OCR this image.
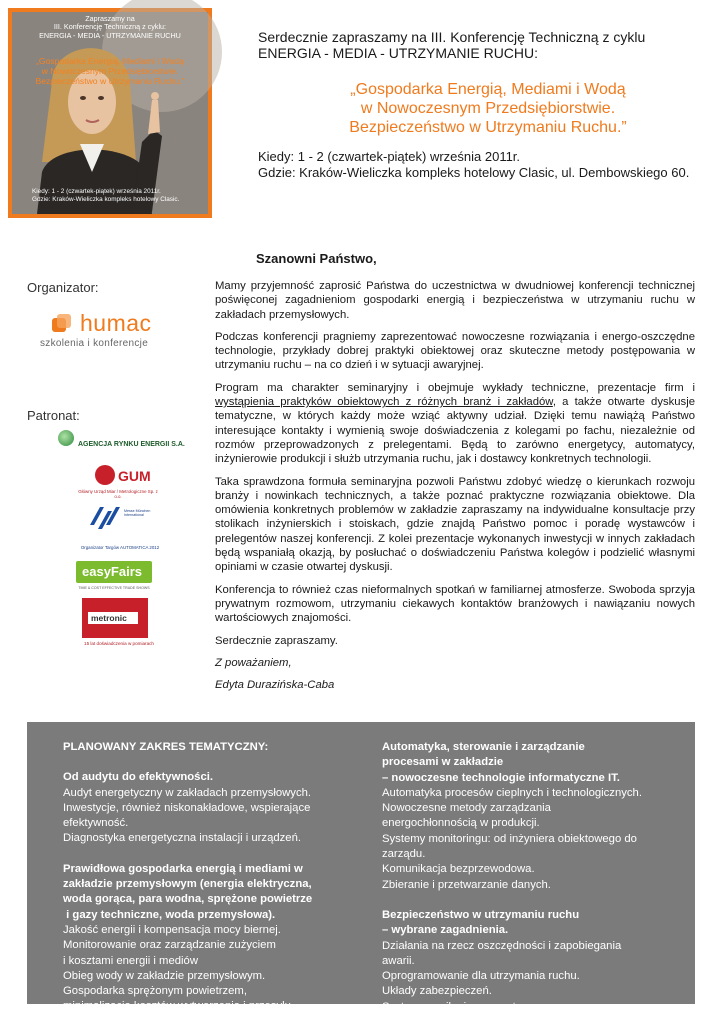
Zapraszamy na
III. Konferencję Techniczną z cyklu:
ENERGIA - MEDIA - UTRZYMANIE RUCHU
„Gospodarka Energią, Mediami i Wodą
w Nowoczesnym Przedsiębiorstwie.
Bezpieczeństwo w Utrzymaniu Ruchu.”
Kiedy: 1 - 2 (czwartek-piątek) września 2011r.
Gdzie: Kraków-Wieliczka kompleks hotelowy Clasic.
Serdecznie zapraszamy na III. Konferencję Techniczną z cyklu
ENERGIA - MEDIA - UTRZYMANIE RUCHU:
„Gospodarka Energią, Mediami i Wodą
w Nowoczesnym Przedsiębiorstwie.
Bezpieczeństwo w Utrzymaniu Ruchu.”
Kiedy: 1 - 2 (czwartek-piątek) września 2011r.
Gdzie: Kraków-Wieliczka kompleks hotelowy Clasic, ul. Dembowskiego 60.
Organizator:
humac
szkolenia i konferencje
Patronat:
AGENCJA RYNKU ENERGII S.A.
GUM
Główny Urząd Miar / Metrologiczne Sp. z o.o.
Messe München International
Organizator Targów AUTOMATICA 2012
easyFairs
TIME & COST EFFECTIVE TRADE SHOWS
metronic
15 lat doświadczenia w pomiarach
Szanowni Państwo,

Mamy przyjemność zaprosić Państwa do uczestnictwa w dwudniowej konferencji technicznej poświęconej zagadnieniom gospodarki energią i bezpieczeństwa w utrzymaniu ruchu w zakładach przemysłowych.

Podczas konferencji pragniemy zaprezentować nowoczesne rozwiązania i energo-oszczędne technologie, przykłady dobrej praktyki obiektowej oraz skuteczne metody postępowania w utrzymaniu ruchu – na co dzień i w sytuacji awaryjnej.

Program ma charakter seminaryjny i obejmuje wykłady techniczne, prezentacje firm i wystąpienia praktyków obiektowych z różnych branż i zakładów, a także otwarte dyskusje tematyczne, w których każdy może wziąć aktywny udział. Dzięki temu nawiążą Państwo interesujące kontakty i wymienią swoje doświadczenia z kolegami po fachu, niezależnie od rozmów przeprowadzonych z prelegentami. Będą to zarówno energetycy, automatycy, inżynierowie produkcji i służb utrzymania ruchu, jak i dostawcy konkretnych technologii.

Taka sprawdzona formuła seminaryjna pozwoli Państwu zdobyć wiedzę o kierunkach rozwoju branży i nowinkach technicznych, a także poznać praktyczne rozwiązania obiektowe. Dla omówienia konkretnych problemów w zakładzie zapraszamy na indywidualne konsultacje przy stolikach inżynierskich i stoiskach, gdzie znajdą Państwo pomoc i poradę wystawców i prelegentów naszej konferencji. Z kolei prezentacje wykonanych inwestycji w innych zakładach będą wspaniałą okazją, by posłuchać o doświadczeniu Państwa kolegów i podzielić własnymi opiniami w czasie otwartej dyskusji.

Konferencja to również czas nieformalnych spotkań w familiarnej atmosferze. Swoboda sprzyja prywatnym rozmowom, utrzymaniu ciekawych kontaktów branżowych i nawiązaniu nowych wartościowych znajomości.

Serdecznie zapraszamy.

Z poważaniem,

Edyta Durazińska-Caba

PLANOWANY ZAKRES TEMATYCZNY:
Od audytu do efektywności.
Audyt energetyczny w zakładach przemysłowych.
Inwestycje, również niskonakładowe, wspierające
efektywność.
Diagnostyka energetyczna instalacji i urządzeń.
Prawidłowa gospodarka energią i mediami w
zakładzie przemysłowym (energia elektryczna,
woda gorąca, para wodna, sprężone powietrze
i gazy techniczne, woda przemysłowa).
Jakość energii i kompensacja mocy biernej.
Monitorowanie oraz zarządzanie zużyciem
i kosztami energii i mediów
Obieg wody w zakładzie przemysłowym.
Gospodarka sprężonym powietrzem,
minimalizacja kosztów wytworzenia i przesyłu.
Automatyka, sterowanie i zarządzanie
procesami w zakładzie
– nowoczesne technologie informatyczne IT.
Automatyka procesów cieplnych i technologicznych.
Nowoczesne metody zarządzania
energochłonnością w produkcji.
Systemy monitoringu: od inżyniera obiektowego do
zarządu.
Komunikacja bezprzewodowa.
Zbieranie i przetwarzanie danych.
Bezpieczeństwo w utrzymaniu ruchu
– wybrane zagadnienia.
Działania na rzecz oszczędności i zapobiegania
awarii.
Oprogramowanie dla utrzymania ruchu.
Układy zabezpieczeń.
Systemy zasilania gwarantowanego.
